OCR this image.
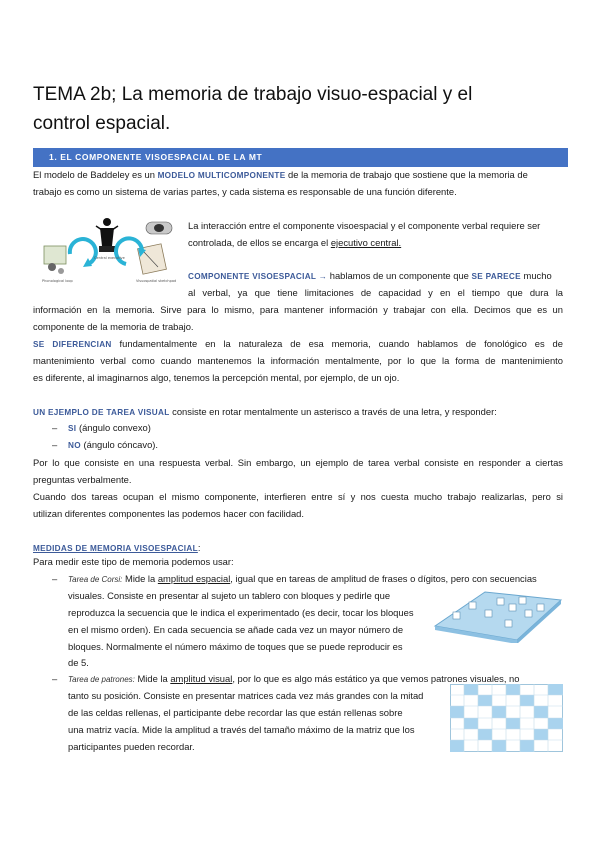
TEMA 2b; La memoria de trabajo visuo-espacial y el
control espacial.
1. EL COMPONENTE VISOESPACIAL DE LA MT
El modelo de Baddeley es un MODELO MULTICOMPONENTE de la memoria de trabajo que sostiene que la memoria de
trabajo es como un sistema de varias partes, y cada sistema es responsable de una función diferente.
Phonological loop
Central executive
Visuospatial sketchpad
La interacción entre el componente visoespacial y el componente verbal requiere ser
controlada, de ellos se encarga el ejecutivo central.
COMPONENTE VISOESPACIAL → hablamos de un componente que SE PARECE mucho
al verbal, ya que tiene limitaciones de capacidad y en el tiempo que dura la
información en la memoria. Sirve para lo mismo, para mantener información y trabajar con ella. Decimos que es un
componente de la memoria de trabajo.
SE DIFERENCIAN fundamentalmente en la naturaleza de esa memoria, cuando hablamos de fonológico es de
mantenimiento verbal como cuando mantenemos la información mentalmente, por lo que la forma de mantenimiento
es diferente, al imaginarnos algo, tenemos la percepción mental, por ejemplo, de un ojo.
UN EJEMPLO DE TAREA VISUAL consiste en rotar mentalmente un asterisco a través de una letra, y responder:
– SI (ángulo convexo)
– NO (ángulo cóncavo).
Por lo que consiste en una respuesta verbal. Sin embargo, un ejemplo de tarea verbal consiste en responder a ciertas
preguntas verbalmente.
Cuando dos tareas ocupan el mismo componente, interfieren entre sí y nos cuesta mucho trabajo realizarlas, pero si
utilizan diferentes componentes las podemos hacer con facilidad.
MEDIDAS DE MEMORIA VISOESPACIAL:
Para medir este tipo de memoria podemos usar:
– Tarea de Corsi: Mide la amplitud espacial, igual que en tareas de amplitud de frases o dígitos, pero con secuencias
visuales. Consiste en presentar al sujeto un tablero con bloques y pedirle que
reproduzca la secuencia que le indica el experimentado (es decir, tocar los bloques
en el mismo orden). En cada secuencia se añade cada vez un mayor número de
bloques. Normalmente el número máximo de toques que se puede reproducir es
de 5.
– Tarea de patrones: Mide la amplitud visual, por lo que es algo más estático ya que vemos patrones visuales, no
tanto su posición. Consiste en presentar matrices cada vez más grandes con la mitad
de las celdas rellenas, el participante debe recordar las que están rellenas sobre
una matriz vacía. Mide la amplitud a través del tamaño máximo de la matriz que los
participantes pueden recordar.
